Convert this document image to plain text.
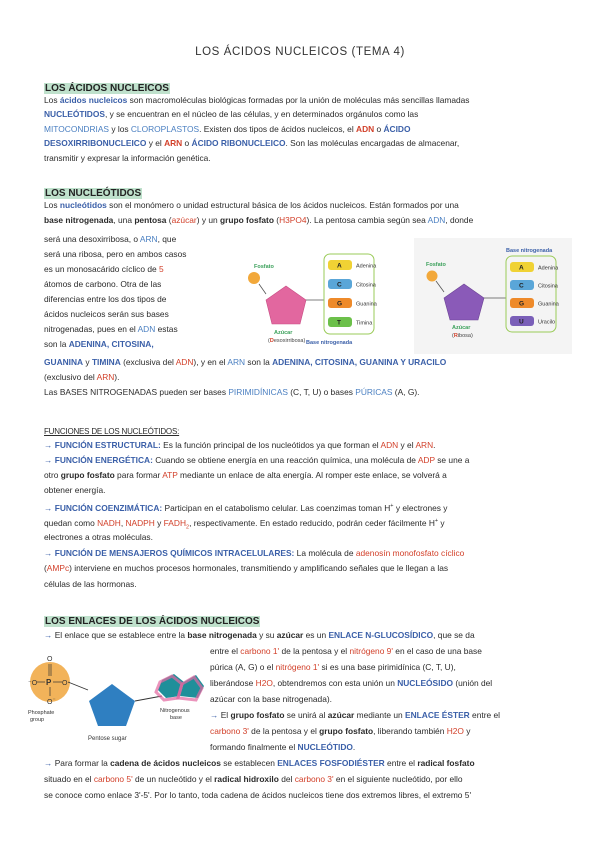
LOS ÁCIDOS NUCLEICOS (TEMA 4)
LOS ÁCIDOS NUCLEICOS
Los ácidos nucleicos son macromoléculas biológicas formadas por la unión de moléculas más sencillas llamadas
NUCLEÓTIDOS, y se encuentran en el núcleo de las células, y en determinados orgánulos como las
MITOCONDRIAS y los CLOROPLASTOS. Existen dos tipos de ácidos nucleicos, el ADN o ÁCIDO
DESOXIRRIBONUCLEICO y el ARN o ÁCIDO RIBONUCLEICO. Son las moléculas encargadas de almacenar,
transmitir y expresar la información genética.
LOS NUCLEÓTIDOS
Los nucleótidos son el monómero o unidad estructural básica de los ácidos nucleicos. Están formados por una
base nitrogenada, una pentosa (azúcar) y un grupo fosfato (H3PO4). La pentosa cambia según sea ADN, donde
será una desoxirribosa, o ARN, que
será una ribosa, pero en ambos casos
es un monosacárido cíclico de 5
átomos de carbono. Otra de las
diferencias entre los dos tipos de
ácidos nucleicos serán sus bases
nitrogenadas, pues en el ADN estas
son la ADENINA, CITOSINA,
GUANINA y TIMINA (exclusiva del ADN), y en el ARN son la ADENINA, CITOSINA, GUANINA Y URACILO
(exclusivo del ARN).
Las BASES NITROGENADAS pueden ser bases PIRIMIDÍNICAS (C, T, U) o bases PÚRICAS (A, G).
Fosfato
Azúcar
(Desoxirribosa)
A	Adenina
C	Citosina
G	Guanina
T	Timina
Base nitrogenada
Fosfato
Azúcar
(Ribosa)
Base nitrogenada
A	Adenina
C	Citosina
G	Guanina
U	Uracilo
FUNCIONES DE LOS NUCLEÓTIDOS:
→ FUNCIÓN ESTRUCTURAL: Es la función principal de los nucleótidos ya que forman el ADN y el ARN.
→ FUNCIÓN ENERGÉTICA: Cuando se obtiene energía en una reacción química, una molécula de ADP se une a
otro grupo fosfato para formar ATP mediante un enlace de alta energía. Al romper este enlace, se volverá a
obtener energía.
→ FUNCIÓN COENZIMÁTICA: Participan en el catabolismo celular. Las coenzimas toman H+ y electrones y
quedan como NADH, NADPH y $FADH_2$, respectivamente. En estado reducido, podrán ceder fácilmente H+ y
electrones a otras moléculas.
→ FUNCIÓN DE MENSAJEROS QUÍMICOS INTRACELULARES: La molécula de adenosín monofosfato cíclico
(AMPc) interviene en muchos procesos hormonales, transmitiendo y amplificando señales que le llegan a las
células de las hormonas.
LOS ENLACES DE LOS ÁCIDOS NUCLEICOS
→ El enlace que se establece entre la base nitrogenada y su azúcar es un ENLACE N-GLUCOSÍDICO, que se da
entre el carbono 1' de la pentosa y el nitrógeno 9' en el caso de una base
púrica (A, G) o el nitrógeno 1' si es una base pirimidínica (C, T, U),
liberándose H2O, obtendremos con esta unión un NUCLEÓSIDO (unión del
azúcar con la base nitrogenada).
→ El grupo fosfato se unirá al azúcar mediante un ENLACE ÉSTER entre el
carbono 3' de la pentosa y el grupo fosfato, liberando también H2O y
formando finalmente el NUCLEÓTIDO.
→ Para formar la cadena de ácidos nucleicos se establecen ENLACES FOSFODIÉSTER entre el radical fosfato
situado en el carbono 5' de un nucleótido y el radical hidroxilo del carbono 3' en el siguiente nucleótido, por ello
se conoce como enlace 3'-5'. Por lo tanto, toda cadena de ácidos nucleicos tiene dos extremos libres, el extremo 5'
O
⁻O P O
O⁻
Phosphate
group
Pentose sugar
Nitrogenous
base
